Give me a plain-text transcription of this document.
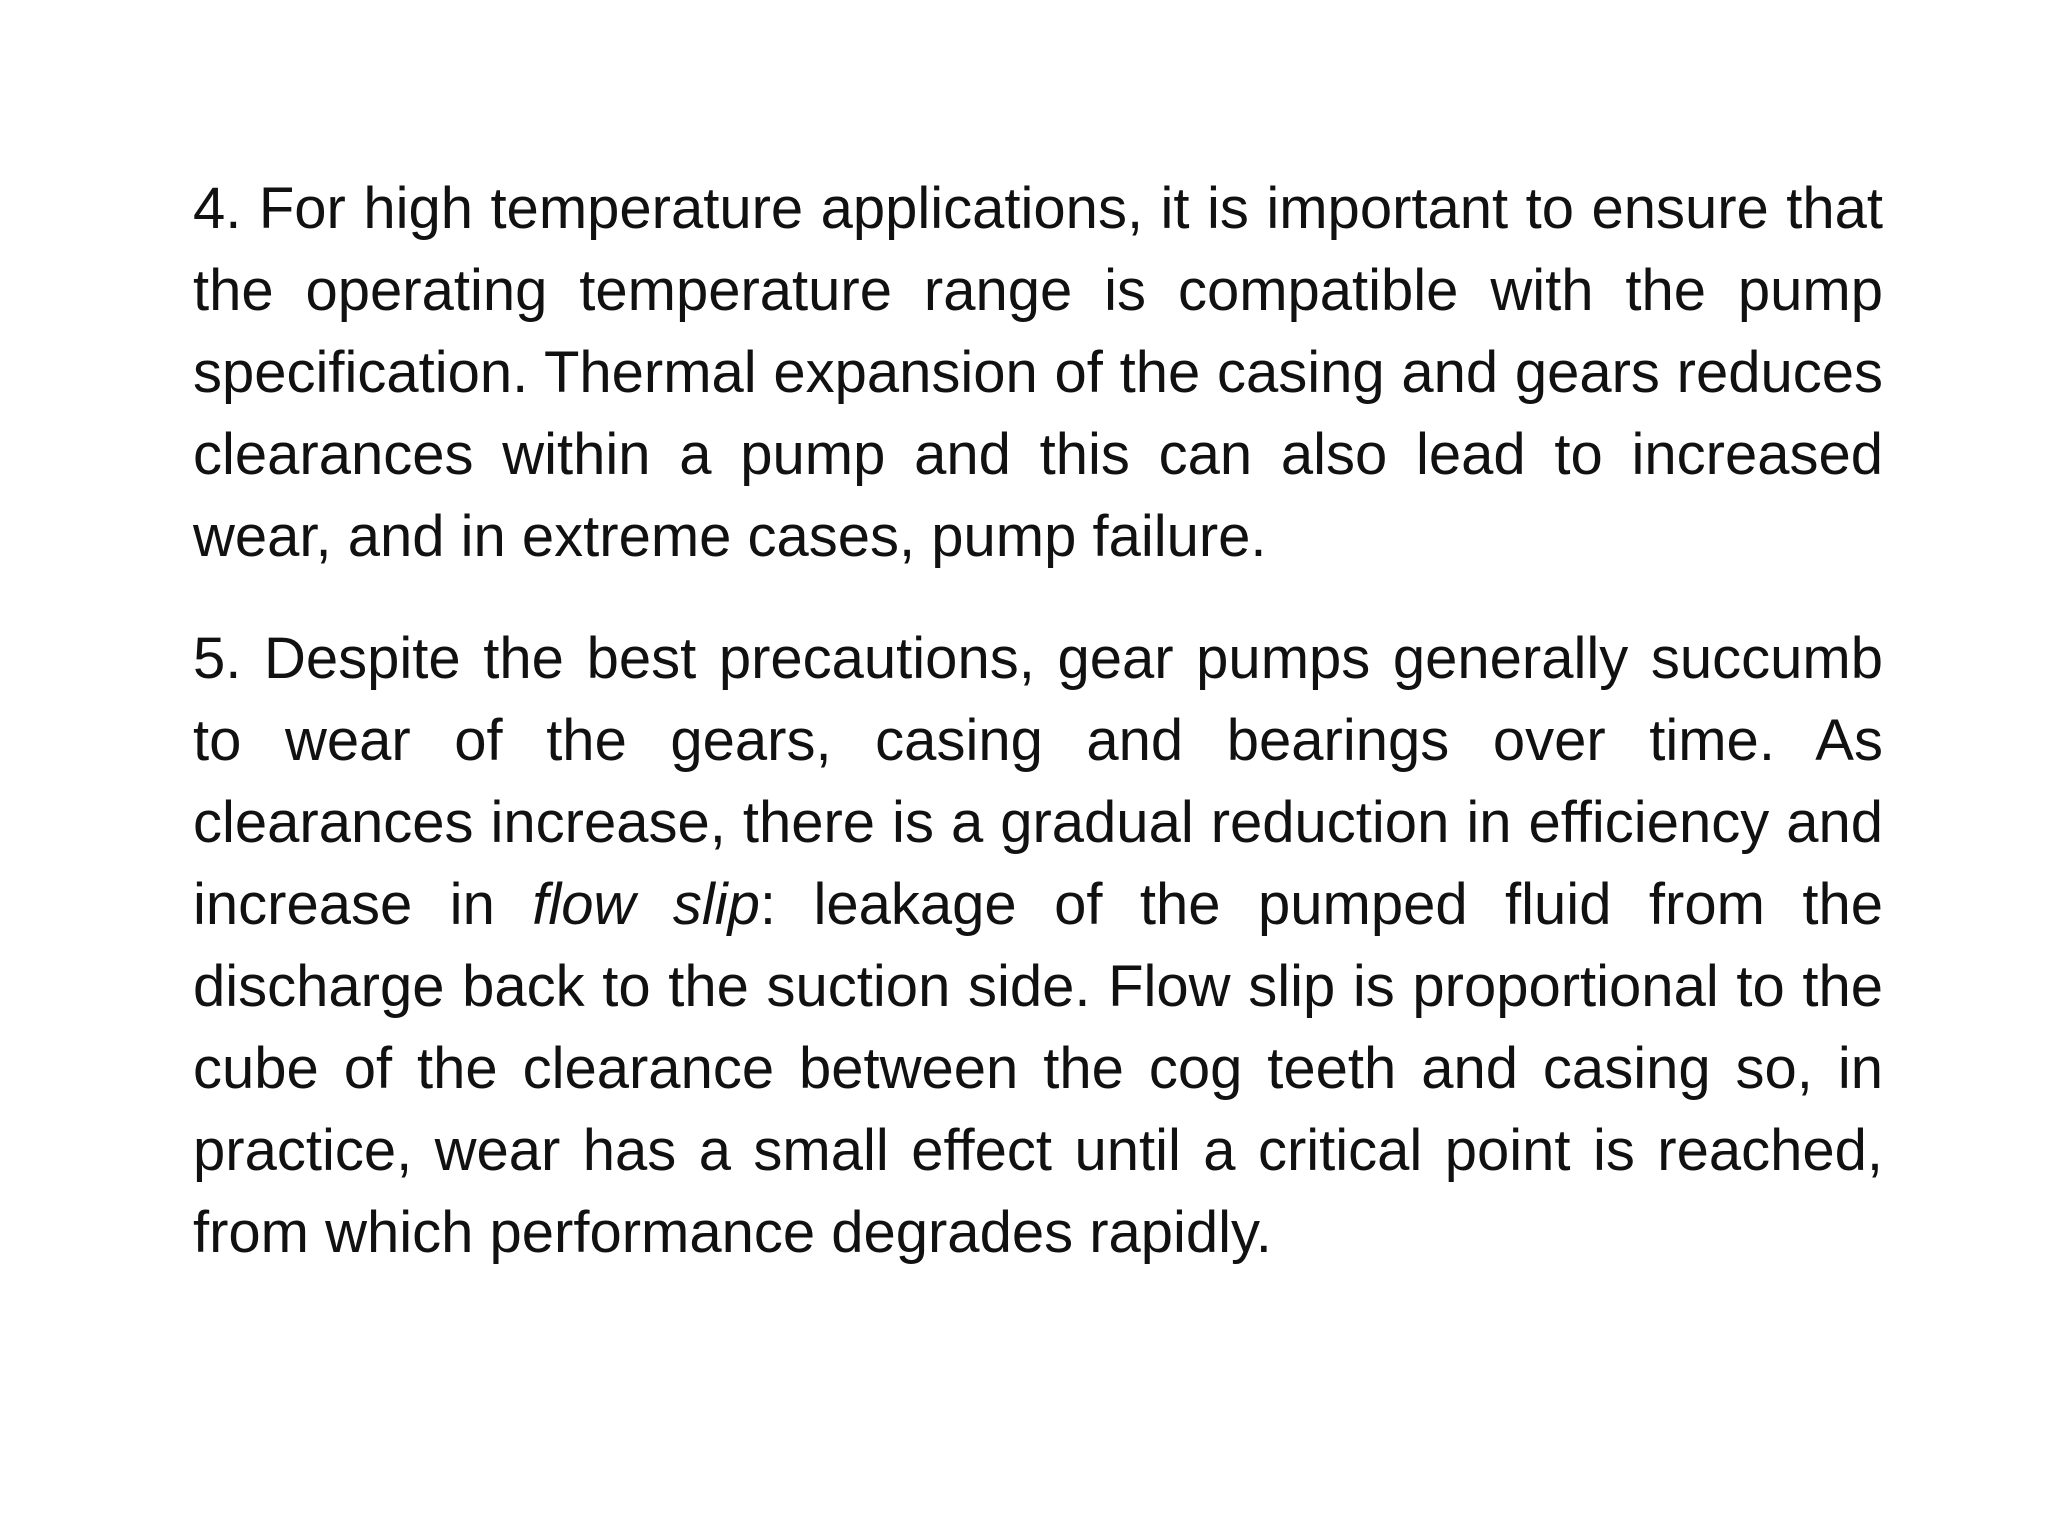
4. For high temperature applications, it is important to ensure that the operating temperature range is compatible with the pump specification. Thermal expansion of the casing and gears reduces clearances within a pump and this can also lead to increased wear, and in extreme cases, pump failure.

5. Despite the best precautions, gear pumps generally succumb to wear of the gears, casing and bearings over time. As clearances increase, there is a gradual reduction in efficiency and increase in flow slip: leakage of the pumped fluid from the discharge back to the suction side. Flow slip is proportional to the cube of the clearance between the cog teeth and casing so, in practice, wear has a small effect until a critical point is reached, from which performance degrades rapidly.
